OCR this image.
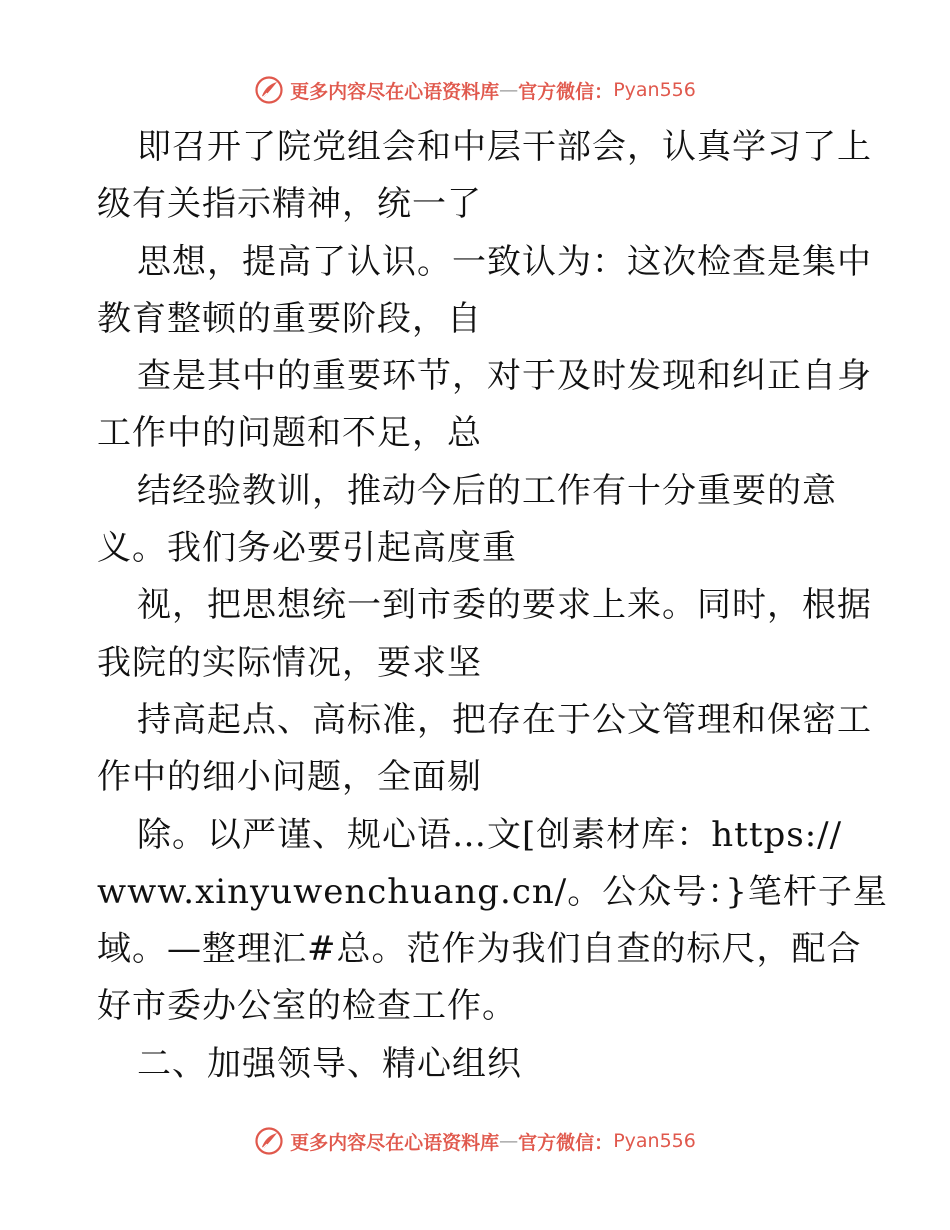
更多内容尽在心语资料库 — 官方微信： Pyan556
即召开了院党组会和中层干部会，认真学习了上
级有关指示精神，统一了
思想，提高了认识。一致认为：这次检查是集中
教育整顿的重要阶段，自
查是其中的重要环节，对于及时发现和纠正自身
工作中的问题和不足，总
结经验教训，推动今后的工作有十分重要的意
义。我们务必要引起高度重
视，把思想统一到市委的要求上来。同时，根据
我院的实际情况，要求坚
持高起点、高标准，把存在于公文管理和保密工
作中的细小问题，全面剔
除。以严谨、规心语…文[创素材库：https://
www.xinyuwenchuang.cn/。公众号：}笔杆子星
域。—整理汇#总。范作为我们自查的标尺，配合
好市委办公室的检查工作。
二、加强领导、精心组织
更多内容尽在心语资料库 — 官方微信： Pyan556
